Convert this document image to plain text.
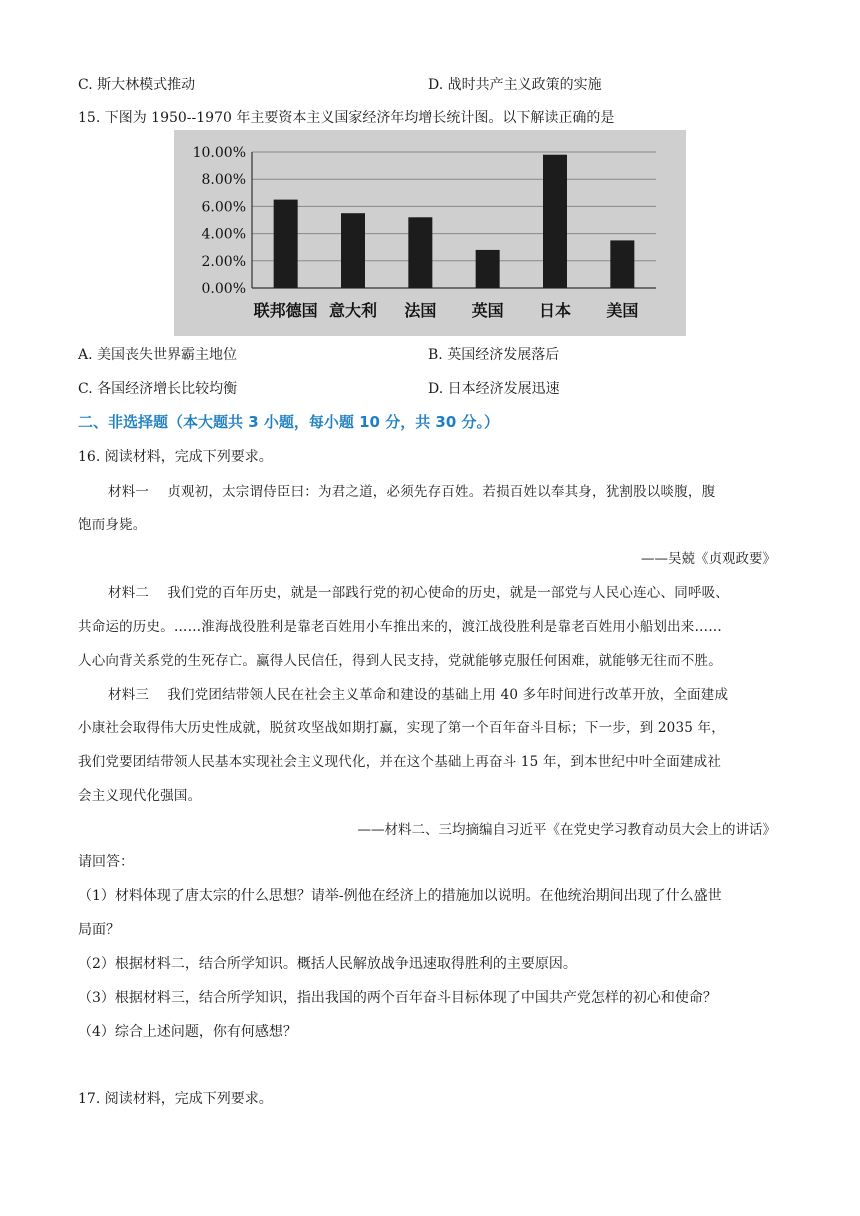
C. 斯大林模式推动	D. 战时共产主义政策的实施
15. 下图为 1950--1970 年主要资本主义国家经济年均增长统计图。以下解读正确的是
0.00%
2.00%
4.00%
6.00%
8.00%
10.00%
联邦德国 意大利 法国 英国 日本 美国
A. 美国丧失世界霸主地位	B. 英国经济发展落后
C. 各国经济增长比较均衡	D. 日本经济发展迅速
二、非选择题（本大题共 3 小题，每小题 10 分，共 30 分。）
16. 阅读材料，完成下列要求。
材料一　 贞观初，太宗谓侍臣曰：为君之道，必须先存百姓。若损百姓以奉其身，犹割股以啖腹，腹
饱而身毙。
——吴兢《贞观政要》
材料二　 我们党的百年历史，就是一部践行党的初心使命的历史，就是一部党与人民心连心、同呼吸、
共命运的历史。……淮海战役胜利是靠老百姓用小车推出来的，渡江战役胜利是靠老百姓用小船划出来……
人心向背关系党的生死存亡。赢得人民信任，得到人民支持，党就能够克服任何困难，就能够无往而不胜。
材料三　 我们党团结带领人民在社会主义革命和建设的基础上用 40 多年时间进行改革开放，全面建成
小康社会取得伟大历史性成就，脱贫攻坚战如期打赢，实现了第一个百年奋斗目标；下一步，到 2035 年，
我们党要团结带领人民基本实现社会主义现代化，并在这个基础上再奋斗 15 年，到本世纪中叶全面建成社
会主义现代化强国。
——材料二、三均摘编自习近平《在党史学习教育动员大会上的讲话》
请回答：
（1）材料体现了唐太宗的什么思想？请举-例他在经济上的措施加以说明。在他统治期间出现了什么盛世
局面？
（2）根据材料二，结合所学知识。概括人民解放战争迅速取得胜利的主要原因。
（3）根据材料三，结合所学知识，指出我国的两个百年奋斗目标体现了中国共产党怎样的初心和使命？
（4）综合上述问题，你有何感想？
17. 阅读材料，完成下列要求。
